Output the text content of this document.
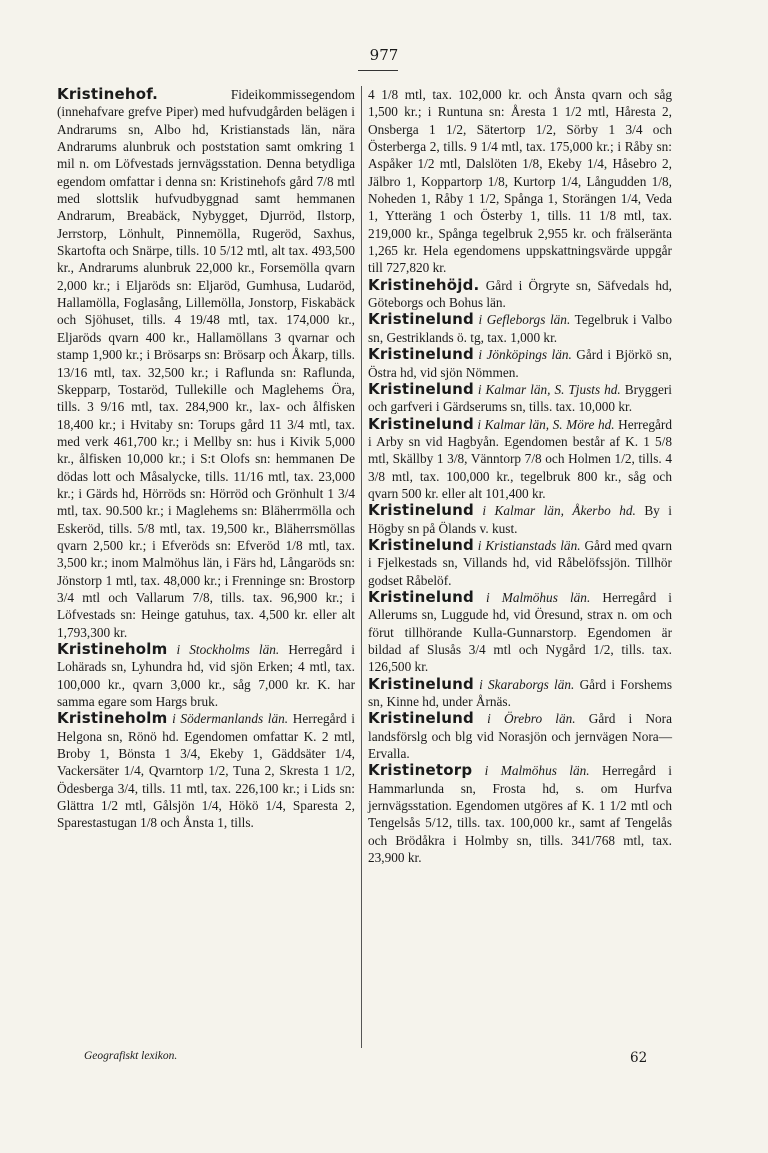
977

Kristinehof. Fideikommissegendom (innehafvare grefve Piper) med hufvudgården belägen i Andrarums sn, Albo hd, Kristianstads län, nära Andrarums alunbruk och poststation samt omkring 1 mil n. om Löfvestads jernvägsstation. Denna betydliga egendom omfattar i denna sn: Kristinehofs gård 7/8 mtl med slottslik hufvudbyggnad samt hemmanen Andrarum, Breabäck, Nybygget, Djurröd, Ilstorp, Jerrstorp, Lönhult, Pinnemölla, Rugeröd, Saxhus, Skartofta och Snärpe, tills. 10 5/12 mtl, alt tax. 493,500 kr., Andrarums alunbruk 22,000 kr., Forsemölla qvarn 2,000 kr.; i Eljaröds sn: Eljaröd, Gumhusa, Ludaröd, Hallamölla, Foglasång, Lillemölla, Jonstorp, Fiskabäck och Sjöhuset, tills. 4 19/48 mtl, tax. 174,000 kr., Eljaröds qvarn 400 kr., Hallamöllans 3 qvarnar och stamp 1,900 kr.; i Brösarps sn: Brösarp och Åkarp, tills. 13/16 mtl, tax. 32,500 kr.; i Raflunda sn: Raflunda, Skepparp, Tostaröd, Tullekille och Maglehems Öra, tills. 3 9/16 mtl, tax. 284,900 kr., lax- och ålfisken 18,400 kr.; i Hvitaby sn: Torups gård 11 3/4 mtl, tax. med verk 461,700 kr.; i Mellby sn: hus i Kivik 5,000 kr., ålfisken 10,000 kr.; i S:t Olofs sn: hemmanen De dödas lott och Måsalycke, tills. 11/16 mtl, tax. 23,000 kr.; i Gärds hd, Hörröds sn: Hörröd och Grönhult 1 3/4 mtl, tax. 90.500 kr.; i Maglehems sn: Bläherrmölla och Eskeröd, tills. 5/8 mtl, tax. 19,500 kr., Bläherrsmöllas qvarn 2,500 kr.; i Efveröds sn: Efveröd 1/8 mtl, tax. 3,500 kr.; inom Malmöhus län, i Färs hd, Långaröds sn: Jönstorp 1 mtl, tax. 48,000 kr.; i Frenninge sn: Brostorp 3/4 mtl och Vallarum 7/8, tills. tax. 96,900 kr.; i Löfvestads sn: Heinge gatuhus, tax. 4,500 kr. eller alt 1,793,300 kr.

Kristineholm i Stockholms län. Herregård i Lohärads sn, Lyhundra hd, vid sjön Erken; 4 mtl, tax. 100,000 kr., qvarn 3,000 kr., såg 7,000 kr. K. har samma egare som Hargs bruk.

Kristineholm i Södermanlands län. Herregård i Helgona sn, Rönö hd. Egendomen omfattar K. 2 mtl, Broby 1, Bönsta 1 3/4, Ekeby 1, Gäddsäter 1/4, Vackersäter 1/4, Qvarntorp 1/2, Tuna 2, Skresta 1 1/2, Ödesberga 3/4, tills. 11 mtl, tax. 226,100 kr.; i Lids sn: Glättra 1/2 mtl, Gålsjön 1/4, Hökö 1/4, Sparesta 2, Sparestastugan 1/8 och Ånsta 1, tills.

4 1/8 mtl, tax. 102,000 kr. och Ånsta qvarn och såg 1,500 kr.; i Runtuna sn: Åresta 1 1/2 mtl, Håresta 2, Onsberga 1 1/2, Sätertorp 1/2, Sörby 1 3/4 och Österberga 2, tills. 9 1/4 mtl, tax. 175,000 kr.; i Råby sn: Aspåker 1/2 mtl, Dalslöten 1/8, Ekeby 1/4, Håsebro 2, Jälbro 1, Koppartorp 1/8, Kurtorp 1/4, Långudden 1/8, Noheden 1, Råby 1 1/2, Spånga 1, Storängen 1/4, Veda 1, Ytteräng 1 och Österby 1, tills. 11 1/8 mtl, tax. 219,000 kr., Spånga tegelbruk 2,955 kr. och frälseränta 1,265 kr. Hela egendomens uppskattningsvärde uppgår till 727,820 kr.

Kristinehöjd. Gård i Örgryte sn, Säfvedals hd, Göteborgs och Bohus län.

Kristinelund i Gefleborgs län. Tegelbruk i Valbo sn, Gestriklands ö. tg, tax. 1,000 kr.

Kristinelund i Jönköpings län. Gård i Björkö sn, Östra hd, vid sjön Nömmen.

Kristinelund i Kalmar län, S. Tjusts hd. Bryggeri och garfveri i Gärdserums sn, tills. tax. 10,000 kr.

Kristinelund i Kalmar län, S. Möre hd. Herregård i Arby sn vid Hagbyån. Egendomen består af K. 1 5/8 mtl, Skällby 1 3/8, Vänntorp 7/8 och Holmen 1/2, tills. 4 3/8 mtl, tax. 100,000 kr., tegelbruk 800 kr., såg och qvarn 500 kr. eller alt 101,400 kr.

Kristinelund i Kalmar län, Åkerbo hd. By i Högby sn på Ölands v. kust.

Kristinelund i Kristianstads län. Gård med qvarn i Fjelkestads sn, Villands hd, vid Råbelöfssjön. Tillhör godset Råbelöf.

Kristinelund i Malmöhus län. Herregård i Allerums sn, Luggude hd, vid Öresund, strax n. om och förut tillhörande Kulla-Gunnarstorp. Egendomen är bildad af Slusås 3/4 mtl och Nygård 1/2, tills. tax. 126,500 kr.

Kristinelund i Skaraborgs län. Gård i Forshems sn, Kinne hd, under Årnäs.

Kristinelund i Örebro län. Gård i Nora landsförslg och blg vid Norasjön och jernvägen Nora—Ervalla.

Kristinetorp i Malmöhus län. Herregård i Hammarlunda sn, Frosta hd, s. om Hurfva jernvägsstation. Egendomen utgöres af K. 1 1/2 mtl och Tengelsås 5/12, tills. tax. 100,000 kr., samt af Tengelås och Brödåkra i Holmby sn, tills. 341/768 mtl, tax. 23,900 kr.

Geografiskt lexikon.	62
